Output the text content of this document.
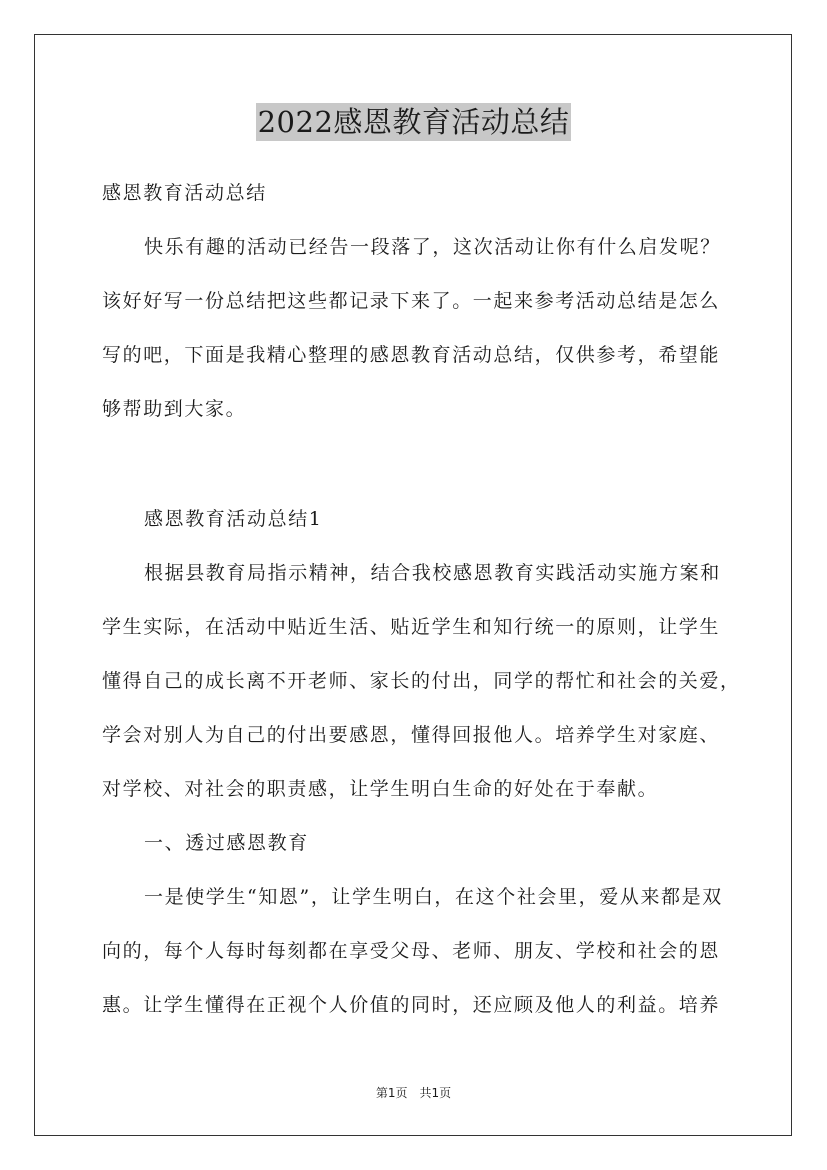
2022感恩教育活动总结
感恩教育活动总结
快乐有趣的活动已经告一段落了，这次活动让你有什么启发呢？
该好好写一份总结把这些都记录下来了。一起来参考活动总结是怎么
写的吧，下面是我精心整理的感恩教育活动总结，仅供参考，希望能
够帮助到大家。
感恩教育活动总结1
根据县教育局指示精神，结合我校感恩教育实践活动实施方案和
学生实际，在活动中贴近生活、贴近学生和知行统一的原则，让学生
懂得自己的成长离不开老师、家长的付出，同学的帮忙和社会的关爱，
学会对别人为自己的付出要感恩，懂得回报他人。培养学生对家庭、
对学校、对社会的职责感，让学生明白生命的好处在于奉献。
一、透过感恩教育
一是使学生“知恩”，让学生明白，在这个社会里，爱从来都是双
向的，每个人每时每刻都在享受父母、老师、朋友、学校和社会的恩
惠。让学生懂得在正视个人价值的同时，还应顾及他人的利益。培养
第1页　共1页
